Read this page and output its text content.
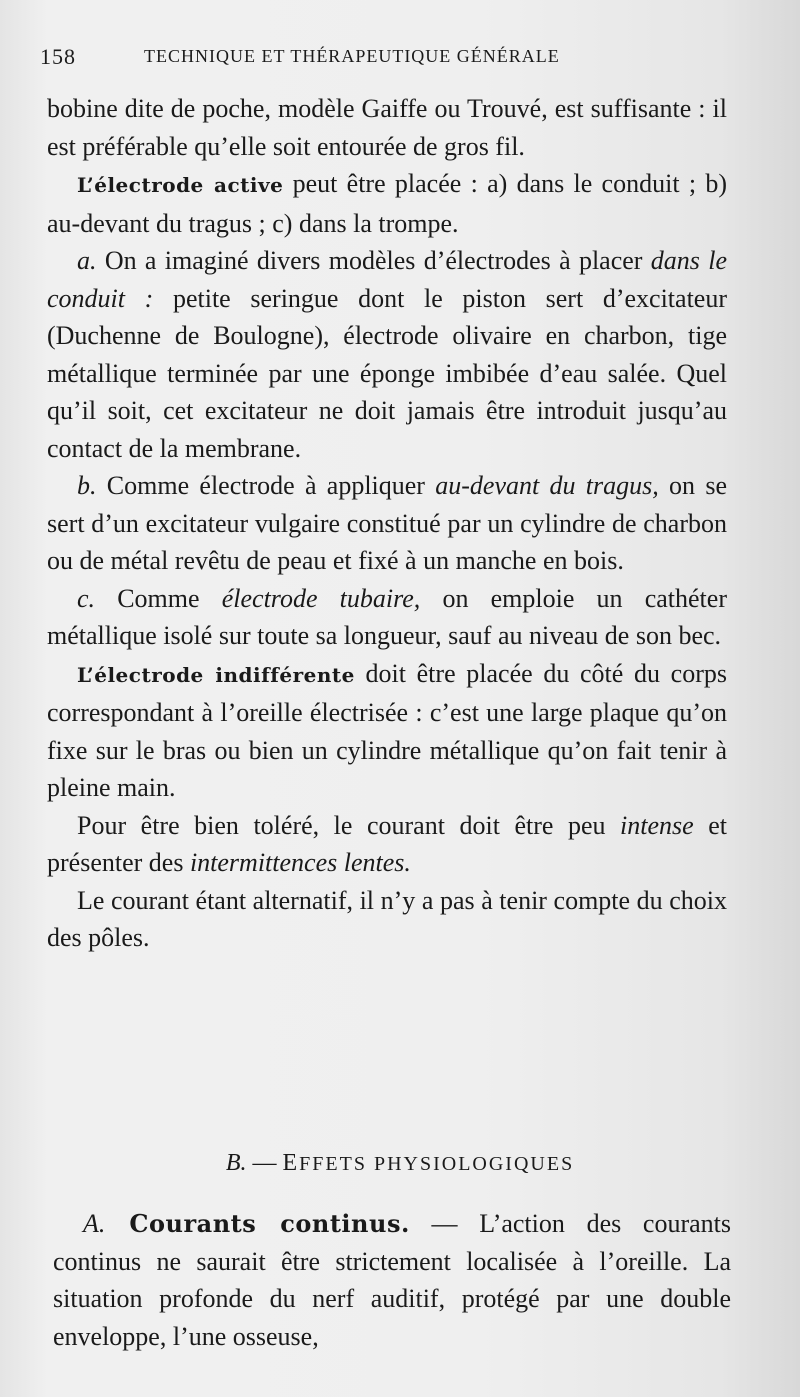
158	TECHNIQUE ET THÉRAPEUTIQUE GÉNÉRALE

bobine dite de poche, modèle Gaiffe ou Trouvé, est suffisante : il est préférable qu’elle soit entourée de gros fil.

L’électrode active peut être placée : a) dans le conduit ; b) au-devant du tragus ; c) dans la trompe.

a. On a imaginé divers modèles d’électrodes à placer dans le conduit : petite seringue dont le piston sert d’excitateur (Duchenne de Boulogne), électrode olivaire en charbon, tige métallique terminée par une éponge imbibée d’eau salée. Quel qu’il soit, cet excitateur ne doit jamais être introduit jusqu’au contact de la membrane.

b. Comme électrode à appliquer au-devant du tragus, on se sert d’un excitateur vulgaire constitué par un cylindre de charbon ou de métal revêtu de peau et fixé à un manche en bois.

c. Comme électrode tubaire, on emploie un cathéter métallique isolé sur toute sa longueur, sauf au niveau de son bec.

L’électrode indifférente doit être placée du côté du corps correspondant à l’oreille électrisée : c’est une large plaque qu’on fixe sur le bras ou bien un cylindre métallique qu’on fait tenir à pleine main.

Pour être bien toléré, le courant doit être peu intense et présenter des intermittences lentes.

Le courant étant alternatif, il n’y a pas à tenir compte du choix des pôles.

B. — EFFETS PHYSIOLOGIQUES

A. Courants continus. — L’action des courants continus ne saurait être strictement localisée à l’oreille. La situation profonde du nerf auditif, protégé par une double enveloppe, l’une osseuse,
